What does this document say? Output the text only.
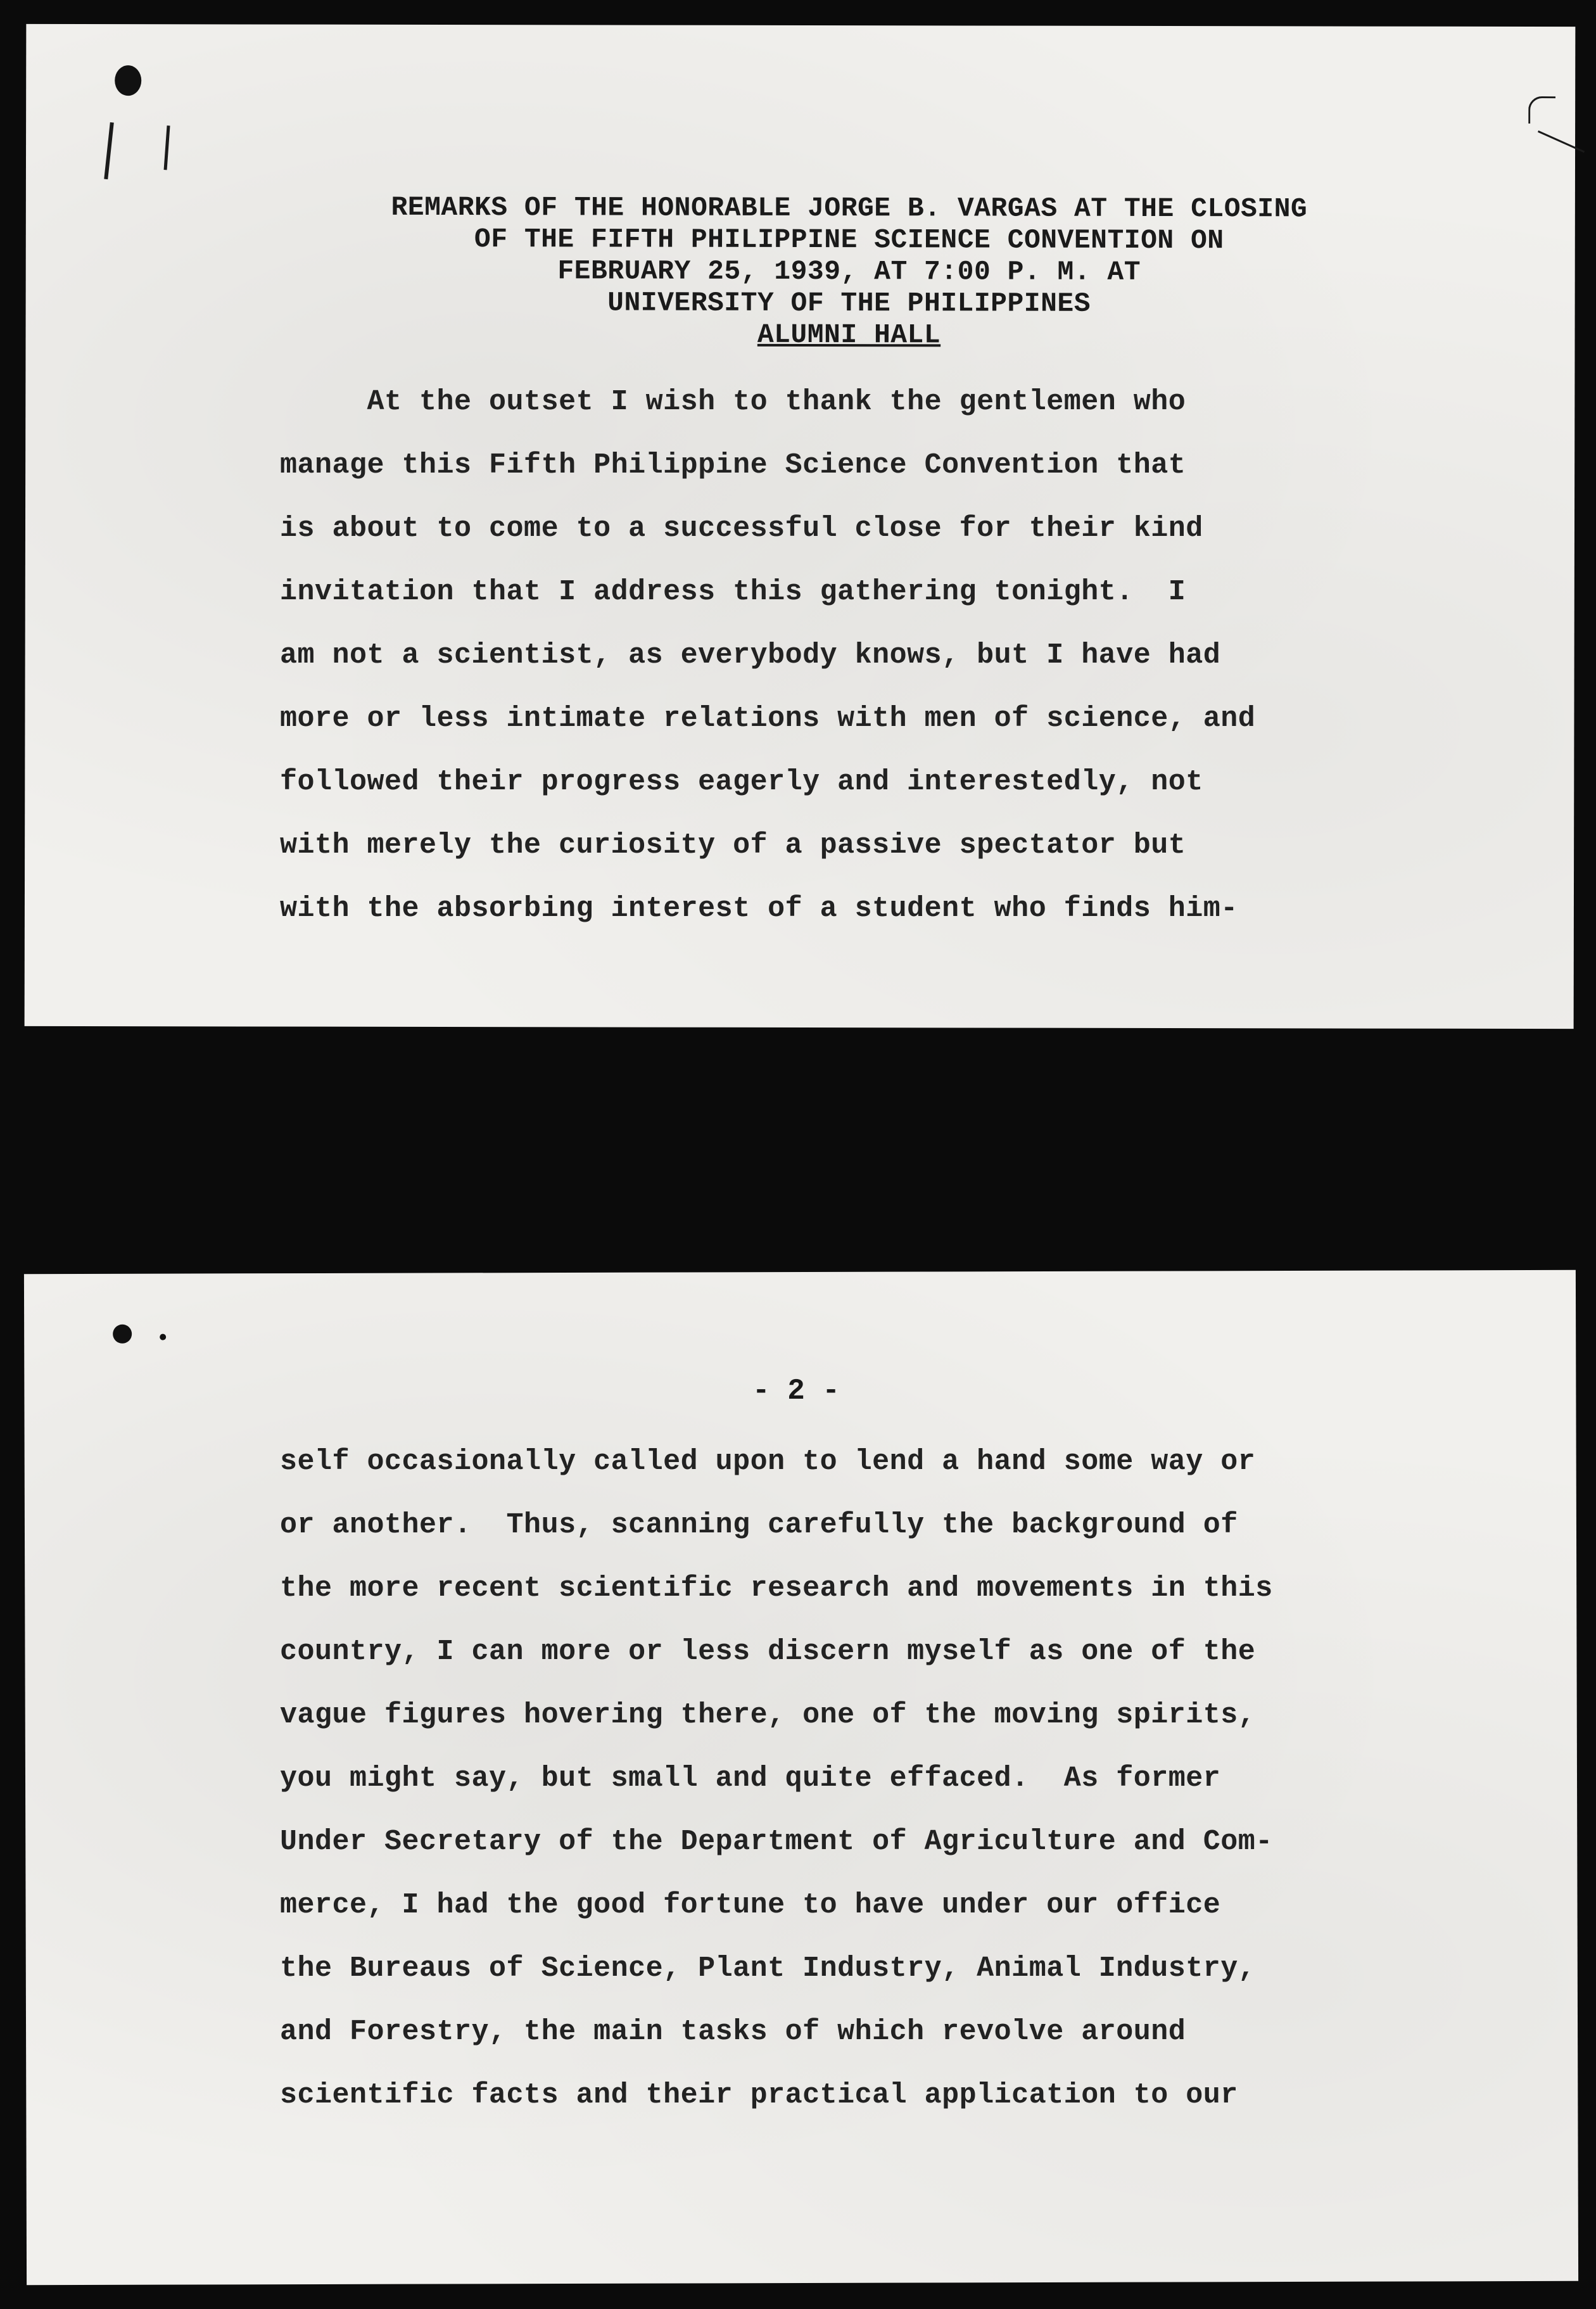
REMARKS OF THE HONORABLE JORGE B. VARGAS AT THE CLOSING
OF THE FIFTH PHILIPPINE SCIENCE CONVENTION ON
FEBRUARY 25, 1939, AT 7:00 P. M. AT
UNIVERSITY OF THE PHILIPPINES
ALUMNI HALL
At the outset I wish to thank the gentlemen who
manage this Fifth Philippine Science Convention that
is about to come to a successful close for their kind
invitation that I address this gathering tonight.  I
am not a scientist, as everybody knows, but I have had
more or less intimate relations with men of science, and
followed their progress eagerly and interestedly, not
with merely the curiosity of a passive spectator but
with the absorbing interest of a student who finds him-
- 2 -
self occasionally called upon to lend a hand some way or
or another.  Thus, scanning carefully the background of
the more recent scientific research and movements in this
country, I can more or less discern myself as one of the
vague figures hovering there, one of the moving spirits,
you might say, but small and quite effaced.  As former
Under Secretary of the Department of Agriculture and Com-
merce, I had the good fortune to have under our office
the Bureaus of Science, Plant Industry, Animal Industry,
and Forestry, the main tasks of which revolve around
scientific facts and their practical application to our
